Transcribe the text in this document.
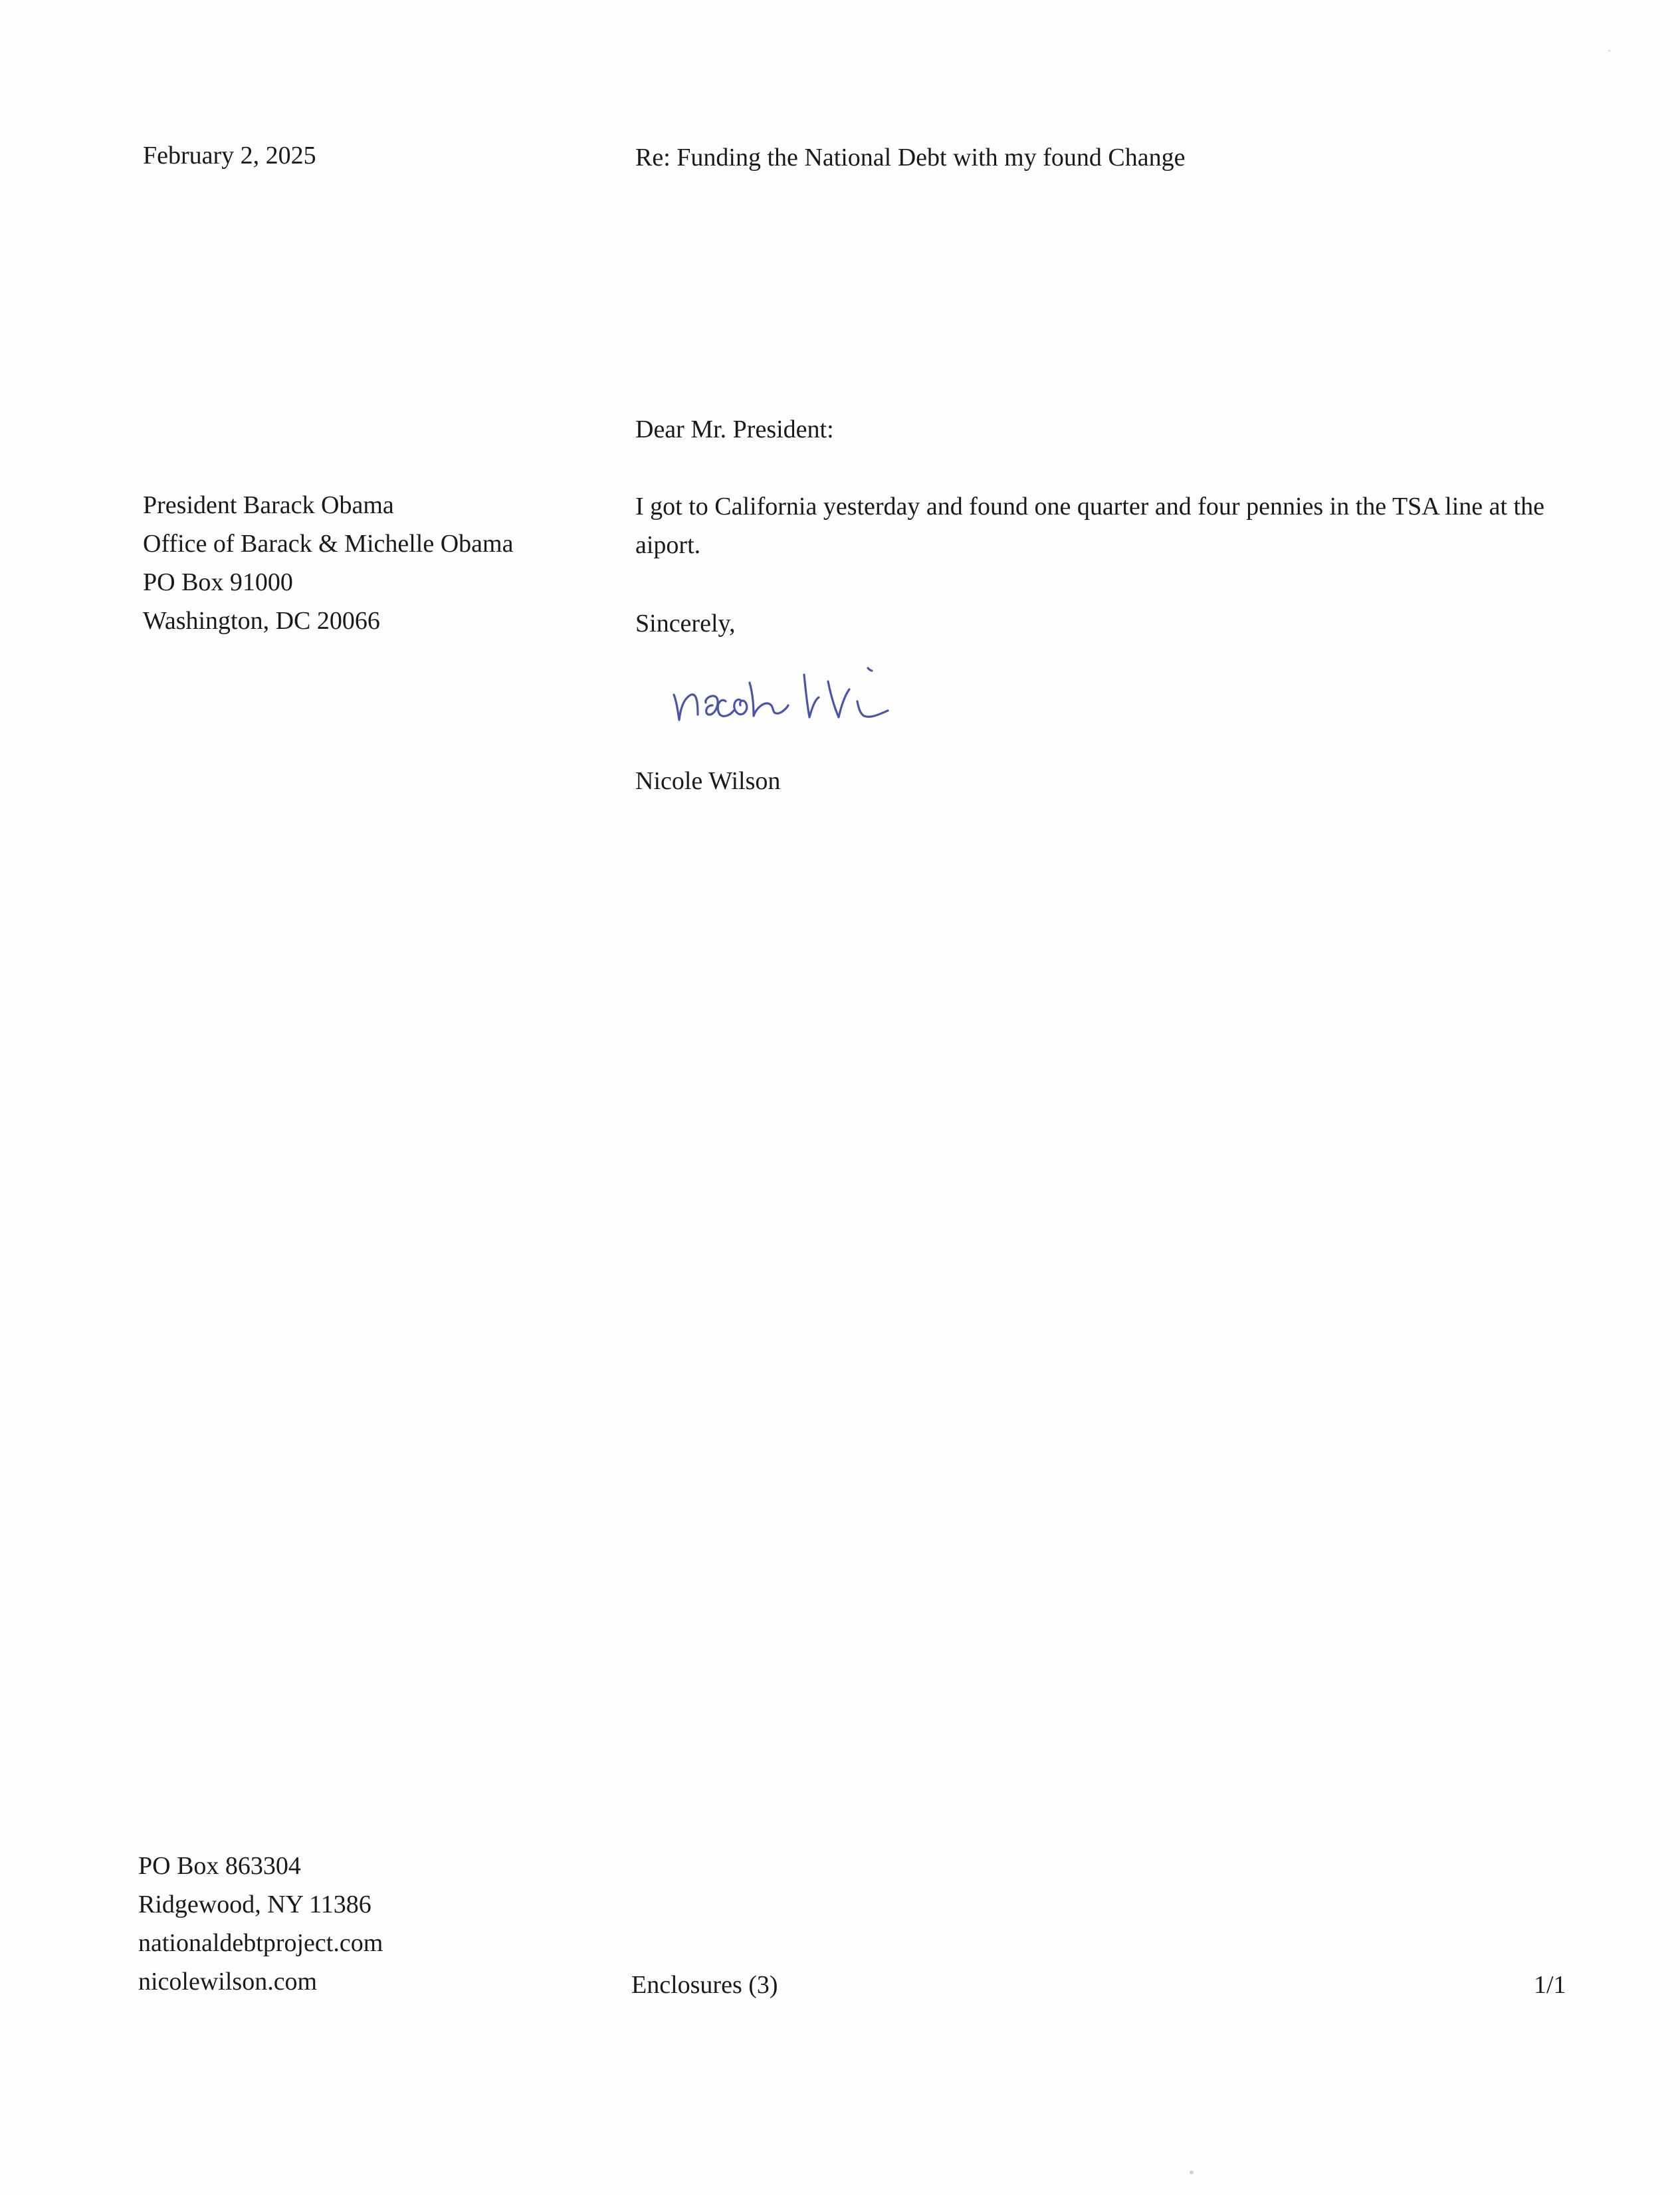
February 2, 2025	Re: Funding the National Debt with my found Change
Dear Mr. President:
President Barack Obama
Office of Barack & Michelle Obama
PO Box 91000
Washington, DC 20066
I got to California yesterday and found one quarter and four pennies in the TSA line at the aiport.
Sincerely,
Nicole Wilson
PO Box 863304
Ridgewood, NY 11386
nationaldebtproject.com
nicolewilson.com	Enclosures (3)	1/1
